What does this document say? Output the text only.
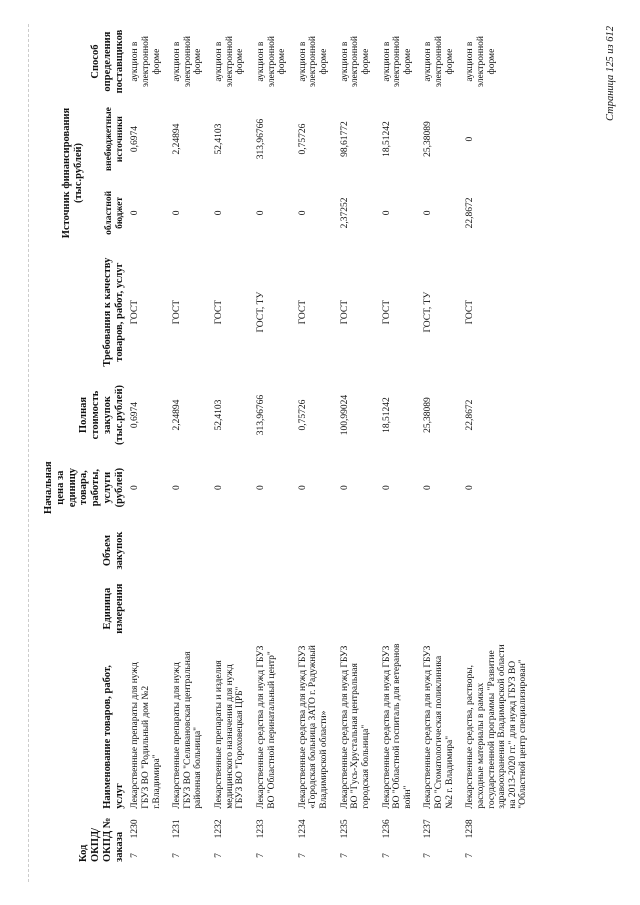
Код ОКПД/ ОКПД № заказа		Наименование товаров, работ, услуг	Единица измерения	Объем закупок	Начальная цена за единицу товара, работы, услуги (рублей)	Полная стоимость закупок (тыс.рублей)	Требования к качеству товаров, работ, услуг	Источник финансирования (тыс.рублей)		Способ определения поставщиков
								областной бюджет	внебюджетные источники	
7	1230	Лекарственные препараты для нужд ГБУЗ ВО "Родильный дом №2 г.Владимира"			0	0,6974	ГОСТ	0	0,6974	аукцион в электронной форме
7	1231	Лекарственные препараты для нужд ГБУЗ ВО "Селивановская центральная районная больница"			0	2,24894	ГОСТ	0	2,24894	аукцион в электронной форме
7	1232	Лекарственные препараты и изделия медицинского назначения для нужд ГБУЗ ВО "Гороховецкая ЦРБ"			0	52,4103	ГОСТ	0	52,4103	аукцион в электронной форме
7	1233	Лекарственные средства для нужд ГБУЗ ВО "Областной перинатальный центр"			0	313,96766	ГОСТ, ТУ	0	313,96766	аукцион в электронной форме
7	1234	Лекарственные средства для нужд ГБУЗ «Городская больница ЗАТО г. Радужный Владимирской области»			0	0,75726	ГОСТ	0	0,75726	аукцион в электронной форме
7	1235	Лекарственные средства для нужд ГБУЗ ВО "Гусь-Хрустальная центральная городская больница"			0	100,99024	ГОСТ	2,37252	98,61772	аукцион в электронной форме
7	1236	Лекарственные средства для нужд ГБУЗ ВО "Областной госпиталь для ветеранов войн"			0	18,51242	ГОСТ	0	18,51242	аукцион в электронной форме
7	1237	Лекарственные средства для нужд ГБУЗ ВО "Стоматологическая поликлиника №2 г. Владимира"			0	25,38089	ГОСТ, ТУ	0	25,38089	аукцион в электронной форме
7	1238	Лекарственные средства, растворы, расходные материалы в рамках государственной программы "Развитие здравоохранения Владимирской области на 2013-2020 гг." для нужд ГБУЗ ВО "Областной центр специализирован"			0	22,8672	ГОСТ	22,8672	0	аукцион в электронной форме	Страница 125 из 612
